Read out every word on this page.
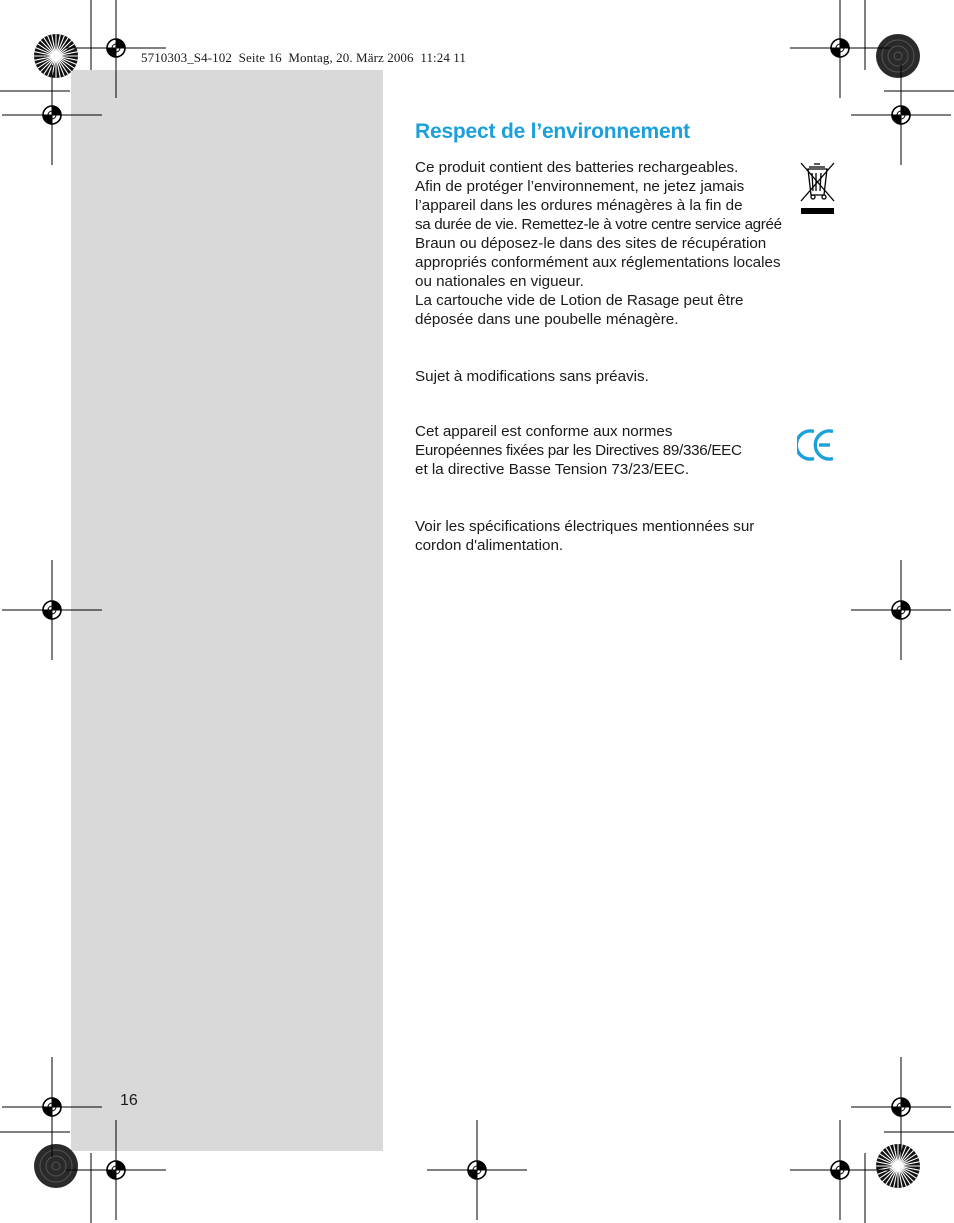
5710303_S4-102  Seite 16  Montag, 20. März 2006  11:24 11
Respect de l’environnement

Ce produit contient des batteries rechargeables.
Afin de protéger l’environnement, ne jetez jamais
l’appareil dans les ordures ménagères à la fin de
sa durée de vie. Remettez-le à votre centre service agréé
Braun ou déposez-le dans des sites de récupération
appropriés conformément aux réglementations locales
ou nationales en vigueur.
La cartouche vide de Lotion de Rasage peut être
déposée dans une poubelle ménagère.

Sujet à modifications sans préavis.

Cet appareil est conforme aux normes
Européennes fixées par les Directives 89/336/EEC
et la directive Basse Tension 73/23/EEC.

Voir les spécifications électriques mentionnées sur
cordon d'alimentation.

16
